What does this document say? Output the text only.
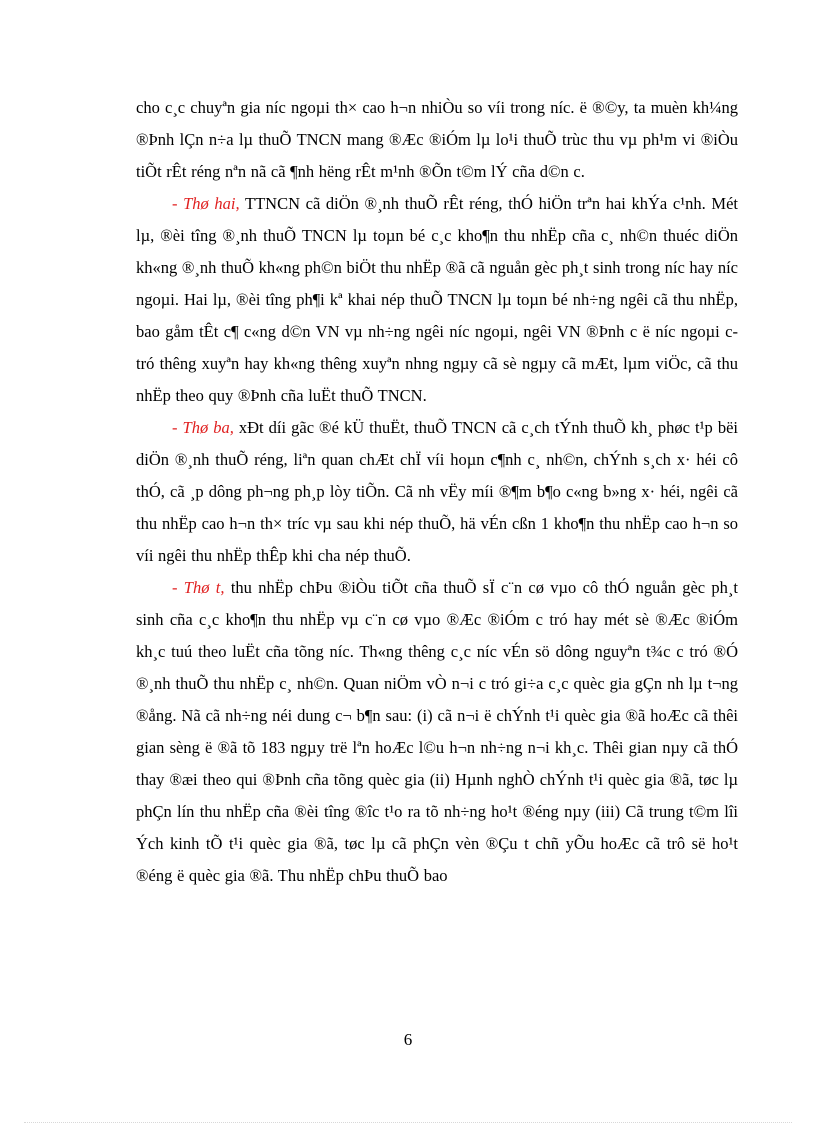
cho c¸c chuyªn gia níc ngoµi th× cao h¬n nhiÒu so víi trong níc. ë ®©y, ta muèn kh¼ng ®Þnh lÇn n÷a lµ thuÕ TNCN mang ®Æc ®iÓm lµ lo¹i thuÕ trùc thu vµ ph¹m vi ®iÒu tiÕt rÊt réng nªn nã cã ¶nh hëng rÊt m¹nh ®Õn t©m lÝ cña d©n c.

- Thø hai, TTNCN cã diÖn ®¸nh thuÕ rÊt réng, thÓ hiÖn trªn hai khÝa c¹nh. Mét lµ, ®èi tîng ®¸nh thuÕ TNCN lµ toµn bé c¸c kho¶n thu nhËp cña c¸ nh©n thuéc diÖn kh«ng ®¸nh thuÕ kh«ng ph©n biÖt thu nhËp ®ã cã nguån gèc ph¸t sinh trong níc hay níc ngoµi. Hai lµ, ®èi tîng ph¶i kª khai nép thuÕ TNCN lµ toµn bé nh÷ng ngêi cã thu nhËp, bao gåm tÊt c¶ c«ng d©n VN vµ nh÷ng ngêi níc ngoµi, ngêi VN ®Þnh c ë níc ngoµi c tró thêng xuyªn hay kh«ng thêng xuyªn nhng ngµy cã sè ngµy cã mÆt, lµm viÖc, cã thu nhËp theo quy ®Þnh cña luËt thuÕ TNCN.

- Thø ba, xÐt díi gãc ®é kÜ thuËt, thuÕ TNCN cã c¸ch tÝnh thuÕ kh¸ phøc t¹p bëi diÖn ®¸nh thuÕ réng, liªn quan chÆt chÏ víi hoµn c¶nh c¸ nh©n, chÝnh s¸ch x· héi cô thÓ, cã ¸p dông ph¬ng ph¸p lòy tiÕn. Cã nh vËy míi ®¶m b¶o c«ng b»ng x· héi, ngêi cã thu nhËp cao h¬n th× tríc vµ sau khi nép thuÕ, hä vÉn cßn 1 kho¶n thu nhËp cao h¬n so víi ngêi thu nhËp thÊp khi cha nép thuÕ.

- Thø t, thu nhËp chÞu ®iÒu tiÕt cña thuÕ sÏ c¨n cø vµo cô thÓ nguån gèc ph¸t sinh cña c¸c kho¶n thu nhËp vµ c¨n cø vµo ®Æc ®iÓm c tró hay mét sè ®Æc ®iÓm kh¸c tuú theo luËt cña tõng níc. Th«ng thêng c¸c níc vÉn sö dông nguyªn t¾c c tró ®Ó ®¸nh thuÕ thu nhËp c¸ nh©n. Quan niÖm vÒ n¬i c tró gi÷a c¸c quèc gia gÇn nh lµ t¬ng ®ång. Nã cã nh÷ng néi dung c¬ b¶n sau: (i) cã n¬i ë chÝnh t¹i quèc gia ®ã hoÆc cã thêi gian sèng ë ®ã tõ 183 ngµy trë lªn hoÆc l©u h¬n nh÷ng n¬i kh¸c. Thêi gian nµy cã thÓ thay ®æi theo qui ®Þnh cña tõng quèc gia (ii) Hµnh nghÒ chÝnh t¹i quèc gia ®ã, tøc lµ phÇn lín thu nhËp cña ®èi tîng ®îc t¹o ra tõ nh÷ng ho¹t ®éng nµy (iii) Cã trung t©m lîi Ých kinh tÕ t¹i quèc gia ®ã, tøc lµ cã phÇn vèn ®Çu t chñ yÕu hoÆc cã trô së ho¹t ®éng ë quèc gia ®ã. Thu nhËp chÞu thuÕ bao

6
